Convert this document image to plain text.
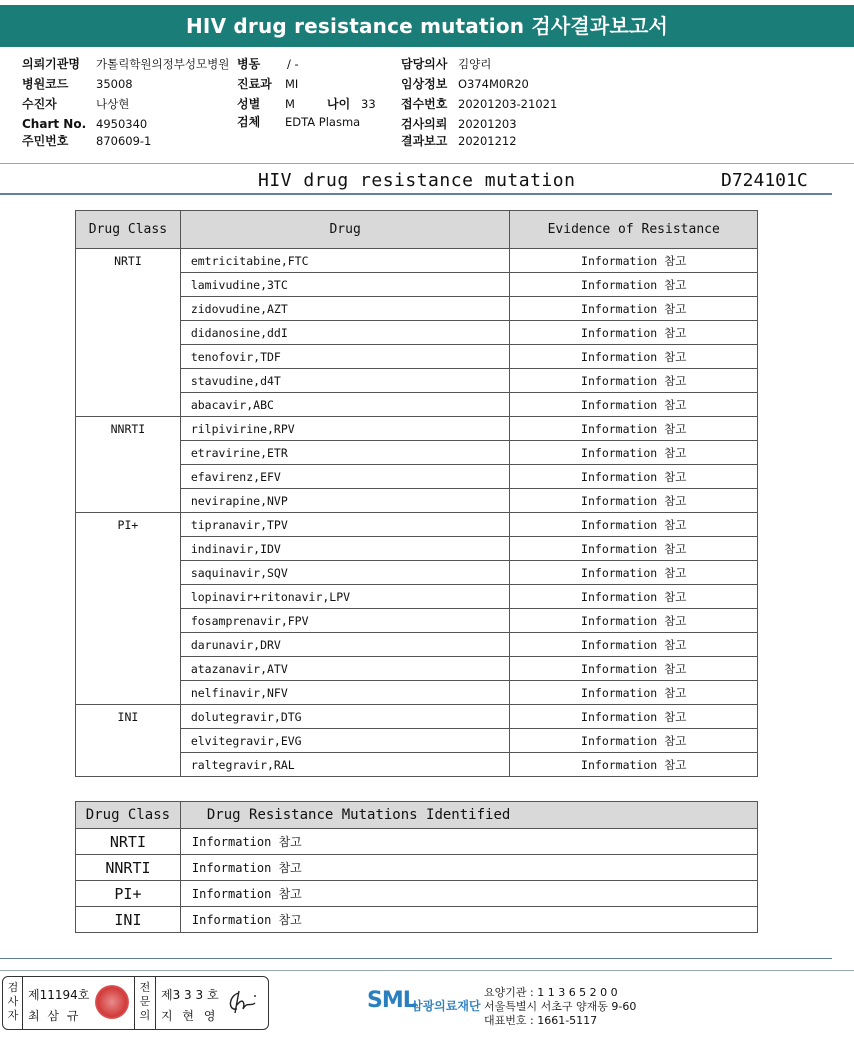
HIV drug resistance mutation 검사결과보고서
의뢰기관명 가톨릭학원의정부성모병원
병원코드 35008
수진자	나상현
Chart No. 4950340
주민번호 870609-1
병동 / -
진료과 MI
성별 M	나이 33
검체 EDTA Plasma
담당의사 김양리
임상정보 O374M0R20
접수번호 20201203-21021
검사의뢰 20201203
결과보고 20201212
HIV drug resistance mutation	D724101C
Drug Class	Drug	Evidence of Resistance
NRTI	emtricitabine,FTC	Information 참고
	lamivudine,3TC	Information 참고
	zidovudine,AZT	Information 참고
	didanosine,ddI	Information 참고
	tenofovir,TDF	Information 참고
	stavudine,d4T	Information 참고
	abacavir,ABC	Information 참고
NNRTI	rilpivirine,RPV	Information 참고
	etravirine,ETR	Information 참고
	efavirenz,EFV	Information 참고
	nevirapine,NVP	Information 참고
PI+	tipranavir,TPV	Information 참고
	indinavir,IDV	Information 참고
	saquinavir,SQV	Information 참고
	lopinavir+ritonavir,LPV	Information 참고
	fosamprenavir,FPV	Information 참고
	darunavir,DRV	Information 참고
	atazanavir,ATV	Information 참고
	nelfinavir,NFV	Information 참고
INI	dolutegravir,DTG	Information 참고
	elvitegravir,EVG	Information 참고
	raltegravir,RAL	Information 참고
Drug Class	Drug Resistance Mutations Identified
NRTI	Information 참고
NNRTI	Information 참고
PI+	Information 참고
INI	Information 참고
검
사
자
제11194호
최 삼 규
전
문
의
제3 3 3 호
지 현 영
SML
삼광의료재단
요양기관 : 1 1 3 6 5 2 0 0
서울특별시 서초구 양재동 9-60
대표번호 : 1661-5117
